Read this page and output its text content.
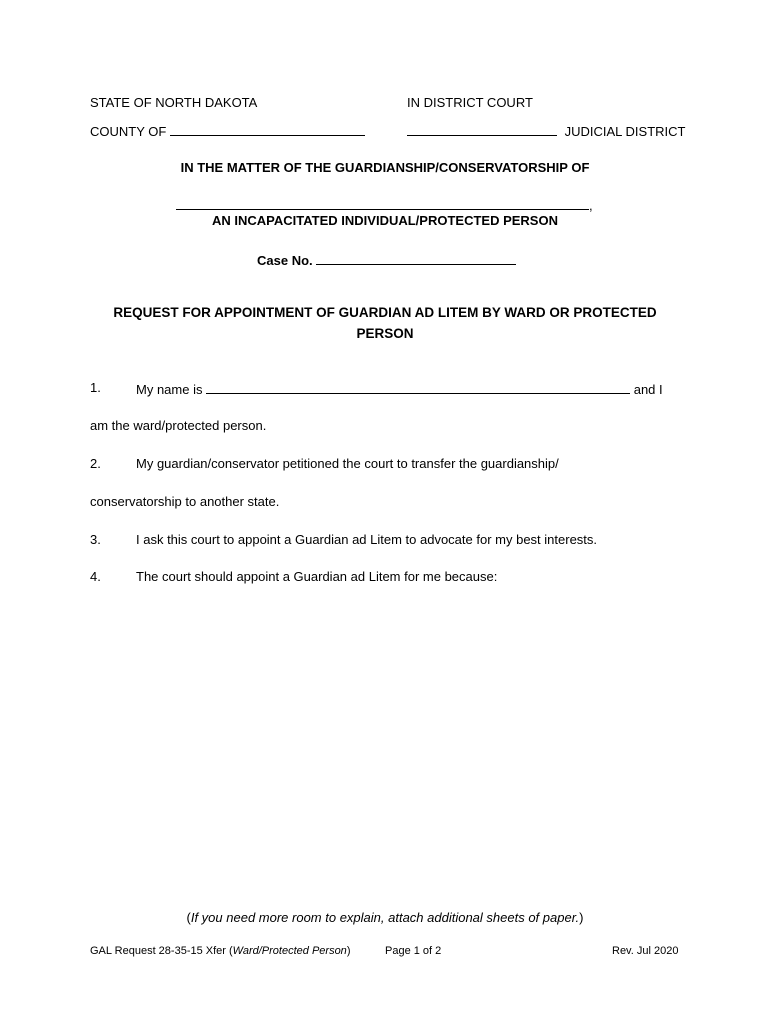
STATE OF NORTH DAKOTA	IN DISTRICT COURT
COUNTY OF	JUDICIAL DISTRICT
IN THE MATTER OF THE GUARDIANSHIP/CONSERVATORSHIP OF
,
AN INCAPACITATED INDIVIDUAL/PROTECTED PERSON
Case No.
REQUEST FOR APPOINTMENT OF GUARDIAN AD LITEM BY WARD OR PROTECTED
PERSON
1.	My name is	and I
am the ward/protected person.
2.	My guardian/conservator petitioned the court to transfer the guardianship/
conservatorship to another state.
3.	I ask this court to appoint a Guardian ad Litem to advocate for my best interests.
4.	The court should appoint a Guardian ad Litem for me because:
(If you need more room to explain, attach additional sheets of paper.)
GAL Request 28-35-15 Xfer (Ward/Protected Person)	Page 1 of 2	Rev. Jul 2020
